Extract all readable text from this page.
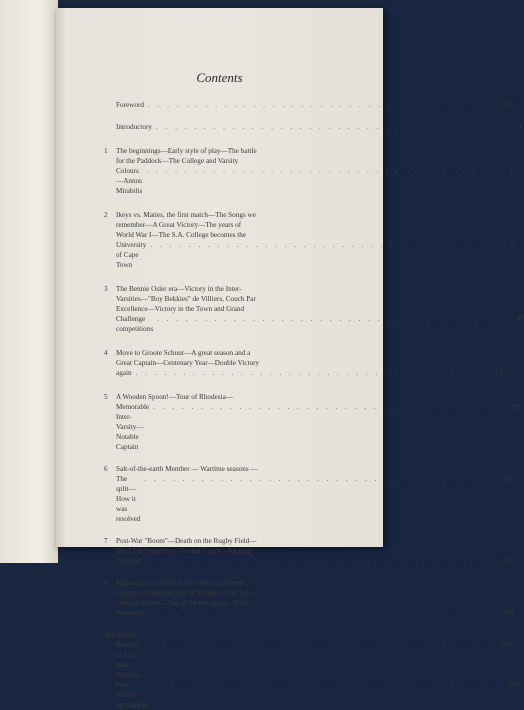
Contents
Foreword . . . . . . . . . . . . . . . . . . . . . . . . . . . . . . . . . . . .	viii
Introductory . . . . . . . . . . . . . . . . . . . . . . . . . . . . . . . . . . . .	ix
1	The beginnings—Early style of play—The battle
for the Paddock—The College and Varsity
Colours—Annus Mirabilis
. . . . . . . . . . . . . . . . . . . . . . . . . . . . . . . . . . . .	1
2	Ikeys vs. Maties, the first match—The Songs we
remember—A Great Victory—The years of
World War I—The S.A. College becomes the
University of Cape Town
. . . . . . . . . . . . . . . . . . . . . . . . . . . . . . . . . . . .	31
3	The Bennie Osler era—Victory in the Inter-
Varsities—"Boy Bekkies" de Villiers, Couch Par
Excellence—Victory in the Town and Grand
Challenge competitions
. . . . . . . . . . . . . . . . . . . . . . . . . . . . . . . . . . . .	47
4	Move to Groote Schuur—A great season and a
Great Captain—Centenary Year—Double Victory
again . . . . . . . . . . . . . . . . . . . . . . . . . . . . . . . . . . . .	72
5	A Wooden Spoon!—Tour of Rhodesia—
Memorable Inter-Varsity—Notable Captain
. . . . . . . . . . . . . . . . . . . . . . . . . . . . . . . . . . . .	89
6	Salt-of-the-earth Member — Wartime seasons —
The split—How it was resolved
. . . . . . . . . . . . . . . . . . . . . . . . . . . . . . . . . . . .	105
7	Post-War "Boom"—Death on the Rugby Field—
The Club Presidents—Genial Coach—Kicking
Triumph . . . . . . . . . . . . . . . . . . . . . . . . . . . . . . . . . . . .	115
8	Highest Inter-Varsity total—New Combined
colours—Combined tour of Europe—S.A. Uni-
versities follow—Top of the tree again—Final
flashback . . . . . . . . . . . . . . . . . . . . . . . . . . . . . . . . . . . .	139
Appendices
Records of past Inter-Varsities
. . . . . . . . . . . . . . . . . . . . . . . . . . . . . . . . . . . .	172
Past Varsity Springboks
. . . . . . . . . . . . . . . . . . . . . . . . . . . . . . . . . . . .	174
